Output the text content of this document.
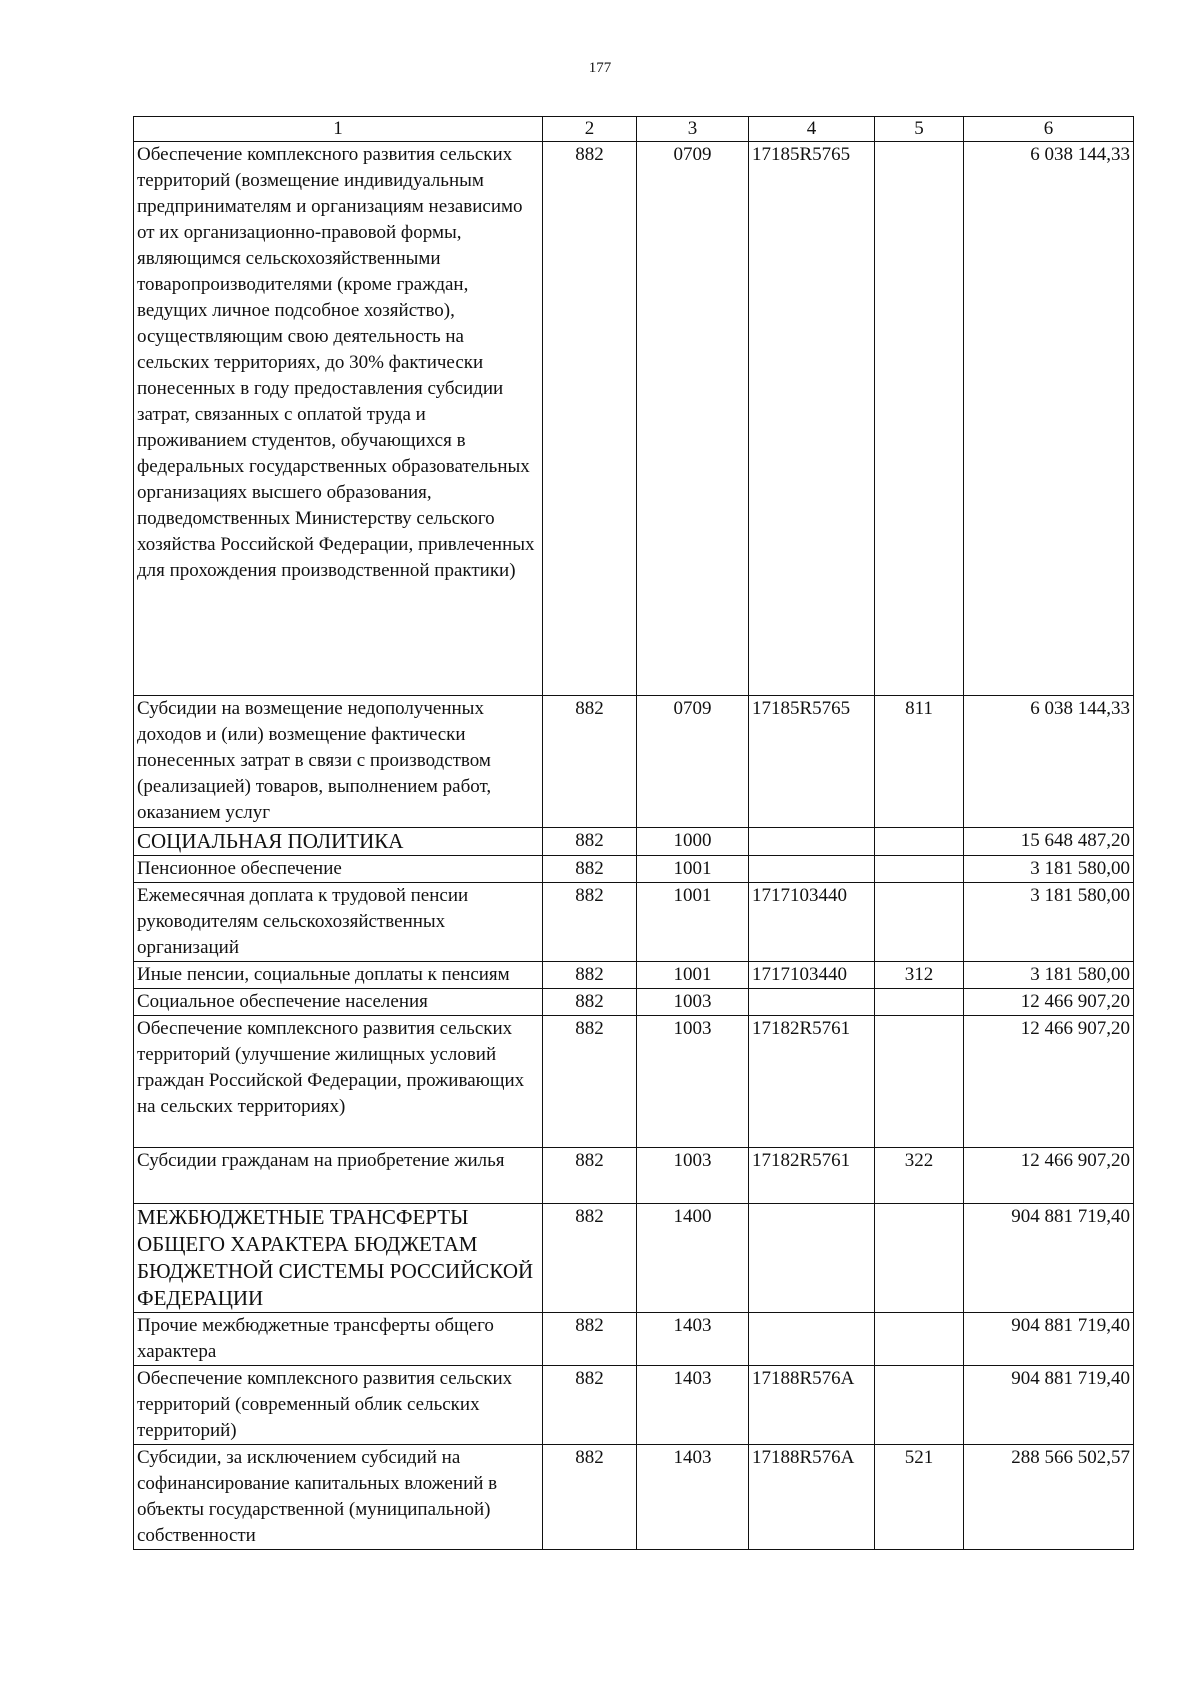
177
1	2	3	4	5	6
Обеспечение комплексного развития сельских территорий (возмещение индивидуальным предпринимателям и организациям независимо от их организационно-правовой формы, являющимся сельскохозяйственными товаропроизводителями (кроме граждан, ведущих личное подсобное хозяйство), осуществляющим свою деятельность на сельских территориях, до 30% фактически понесенных в году предоставления субсидии затрат, связанных с оплатой труда и проживанием студентов, обучающихся в федеральных государственных образовательных организациях высшего образования, подведомственных Министерству сельского хозяйства Российской Федерации, привлеченных для прохождения производственной практики)	882	0709	17185R5765		6 038 144,33
Субсидии на возмещение недополученных доходов и (или) возмещение фактически понесенных затрат в связи с производством (реализацией) товаров, выполнением работ, оказанием услуг	882	0709	17185R5765	811	6 038 144,33
СОЦИАЛЬНАЯ ПОЛИТИКА	882	1000			15 648 487,20
Пенсионное обеспечение	882	1001			3 181 580,00
Ежемесячная доплата к трудовой пенсии руководителям сельскохозяйственных организаций	882	1001	1717103440		3 181 580,00
Иные пенсии, социальные доплаты к пенсиям	882	1001	1717103440	312	3 181 580,00
Социальное обеспечение населения	882	1003			12 466 907,20
Обеспечение комплексного развития сельских территорий (улучшение жилищных условий граждан Российской Федерации, проживающих на сельских территориях)	882	1003	17182R5761		12 466 907,20
Субсидии гражданам на приобретение жилья	882	1003	17182R5761	322	12 466 907,20
МЕЖБЮДЖЕТНЫЕ ТРАНСФЕРТЫ ОБЩЕГО ХАРАКТЕРА БЮДЖЕТАМ БЮДЖЕТНОЙ СИСТЕМЫ РОССИЙСКОЙ ФЕДЕРАЦИИ	882	1400			904 881 719,40
Прочие межбюджетные трансферты общего характера	882	1403			904 881 719,40
Обеспечение комплексного развития сельских территорий (современный облик сельских территорий)	882	1403	17188R576A		904 881 719,40
Субсидии, за исключением субсидий на софинансирование капитальных вложений в объекты государственной (муниципальной) собственности	882	1403	17188R576A	521	288 566 502,57
